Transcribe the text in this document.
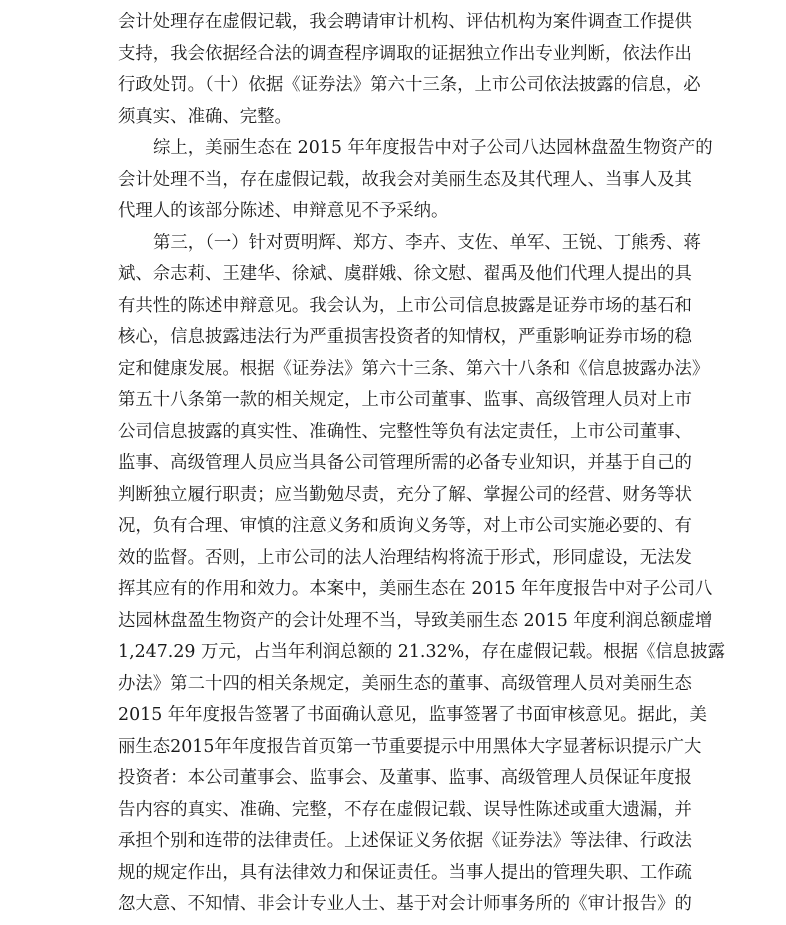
会计处理存在虚假记载，我会聘请审计机构、评估机构为案件调查工作提供
支持，我会依据经合法的调查程序调取的证据独立作出专业判断，依法作出
行政处罚。（十）依据《证券法》第六十三条，上市公司依法披露的信息，必
须真实、准确、完整。
综上，美丽生态在 2015 年年度报告中对子公司八达园林盘盈生物资产的
会计处理不当，存在虚假记载，故我会对美丽生态及其代理人、当事人及其
代理人的该部分陈述、申辩意见不予采纳。
第三，（一）针对贾明辉、郑方、李卉、支佐、单军、王锐、丁熊秀、蒋
斌、佘志莉、王建华、徐斌、虞群娥、徐文慰、翟禹及他们代理人提出的具
有共性的陈述申辩意见。我会认为，上市公司信息披露是证券市场的基石和
核心，信息披露违法行为严重损害投资者的知情权，严重影响证券市场的稳
定和健康发展。根据《证券法》第六十三条、第六十八条和《信息披露办法》
第五十八条第一款的相关规定，上市公司董事、监事、高级管理人员对上市
公司信息披露的真实性、准确性、完整性等负有法定责任，上市公司董事、
监事、高级管理人员应当具备公司管理所需的必备专业知识，并基于自己的
判断独立履行职责；应当勤勉尽责，充分了解、掌握公司的经营、财务等状
况，负有合理、审慎的注意义务和质询义务等，对上市公司实施必要的、有
效的监督。否则，上市公司的法人治理结构将流于形式，形同虚设，无法发
挥其应有的作用和效力。本案中，美丽生态在 2015 年年度报告中对子公司八
达园林盘盈生物资产的会计处理不当，导致美丽生态 2015 年度利润总额虚增
1,247.29 万元，占当年利润总额的 21.32%，存在虚假记载。根据《信息披露
办法》第二十四的相关条规定，美丽生态的董事、高级管理人员对美丽生态
2015 年年度报告签署了书面确认意见，监事签署了书面审核意见。据此，美
丽生态2015年年度报告首页第一节重要提示中用黑体大字显著标识提示广大
投资者：本公司董事会、监事会、及董事、监事、高级管理人员保证年度报
告内容的真实、准确、完整，不存在虚假记载、误导性陈述或重大遗漏，并
承担个别和连带的法律责任。上述保证义务依据《证券法》等法律、行政法
规的规定作出，具有法律效力和保证责任。当事人提出的管理失职、工作疏
忽大意、不知情、非会计专业人士、基于对会计师事务所的《审计报告》的
